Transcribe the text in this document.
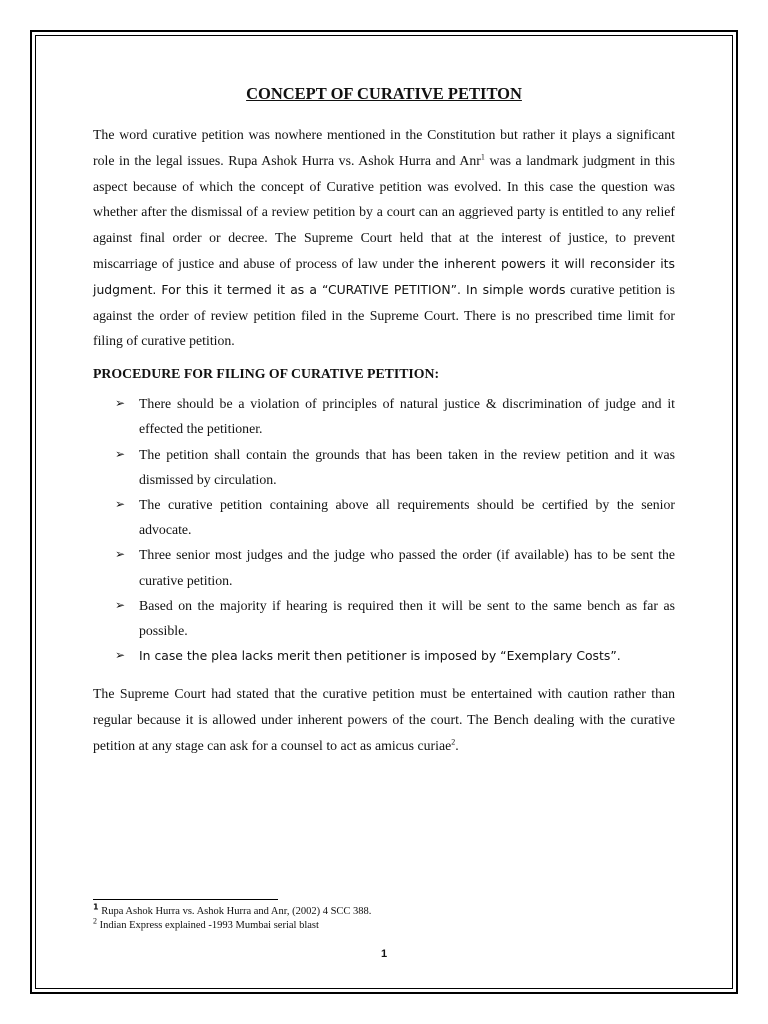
CONCEPT OF CURATIVE PETITON

The word curative petition was nowhere mentioned in the Constitution but rather it plays a significant role in the legal issues. Rupa Ashok Hurra vs. Ashok Hurra and Anr$^1$ was a landmark judgment in this aspect because of which the concept of Curative petition was evolved. In this case the question was whether after the dismissal of a review petition by a court can an aggrieved party is entitled to any relief against final order or decree. The Supreme Court held that at the interest of justice, to prevent miscarriage of justice and abuse of process of law under the inherent powers it will reconsider its judgment. For this it termed it as a “CURATIVE PETITION”. In simple words curative petition is against the order of review petition filed in the Supreme Court. There is no prescribed time limit for filing of curative petition.

PROCEDURE FOR FILING OF CURATIVE PETITION:
➢ There should be a violation of principles of natural justice & discrimination of judge and it effected the petitioner.
➢ The petition shall contain the grounds that has been taken in the review petition and it was dismissed by circulation.
➢ The curative petition containing above all requirements should be certified by the senior advocate.
➢ Three senior most judges and the judge who passed the order (if available) has to be sent the curative petition.
➢ Based on the majority if hearing is required then it will be sent to the same bench as far as possible.
➢ In case the plea lacks merit then petitioner is imposed by “Exemplary Costs”.

The Supreme Court had stated that the curative petition must be entertained with caution rather than regular because it is allowed under inherent powers of the court. The Bench dealing with the curative petition at any stage can ask for a counsel to act as amicus curiae$^2$.

$^1$ Rupa Ashok Hurra vs. Ashok Hurra and Anr, (2002) 4 SCC 388.
$^2$ Indian Express explained -1993 Mumbai serial blast
1
